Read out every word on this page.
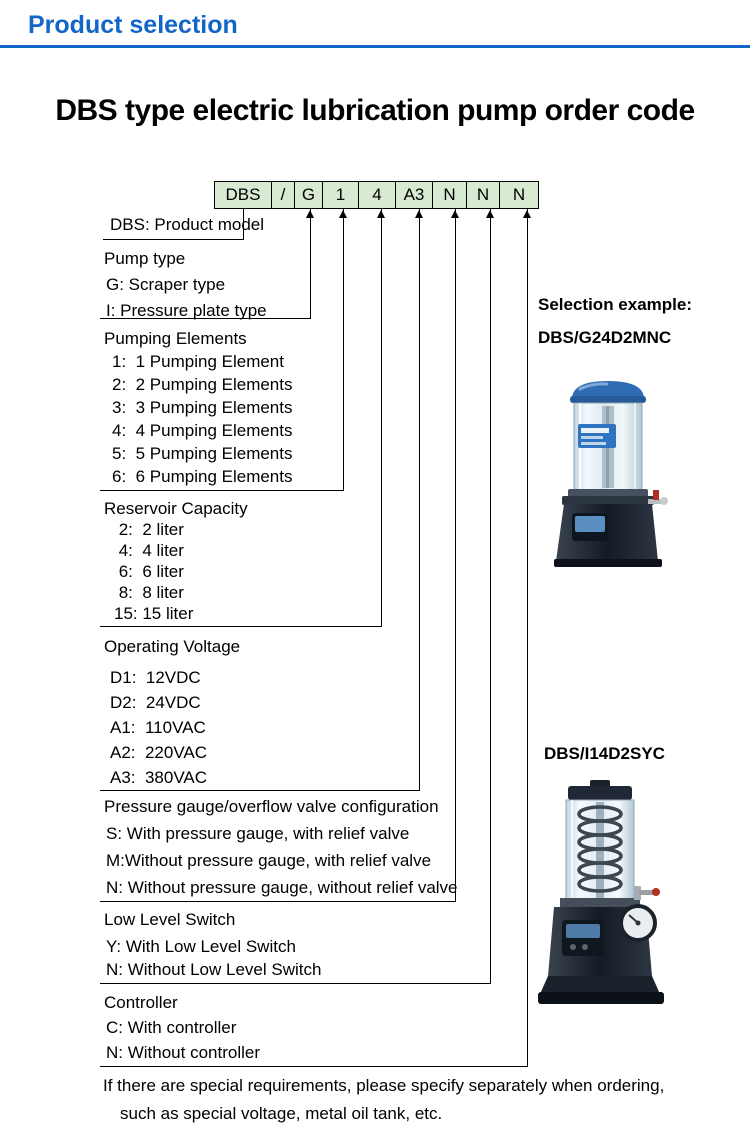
Product selection
DBS type electric lubrication pump order code
DBS	/ G	1	4	A3	N	N	N
DBS: Product model
Pump type
G: Scraper type
I: Pressure plate type
Pumping Elements
1:  1 Pumping Element
2:  2 Pumping Elements
3:  3 Pumping Elements
4:  4 Pumping Elements
5:  5 Pumping Elements
6:  6 Pumping Elements
Reservoir Capacity
2:  2 liter
4:  4 liter
6:  6 liter
8:  8 liter
15: 15 liter
Operating Voltage
D1:  12VDC
D2:  24VDC
A1:  110VAC
A2:  220VAC
A3:  380VAC
Pressure gauge/overflow valve configuration
S: With pressure gauge, with relief valve
M:Without pressure gauge, with relief valve
N: Without pressure gauge, without relief valve
Low Level Switch
Y: With Low Level Switch
N: Without Low Level Switch
Controller
C: With controller
N: Without controller
If there are special requirements, please specify separately when ordering,
such as special voltage, metal oil tank, etc.
Selection example:
DBS/G24D2MNC
DBS/I14D2SYC
